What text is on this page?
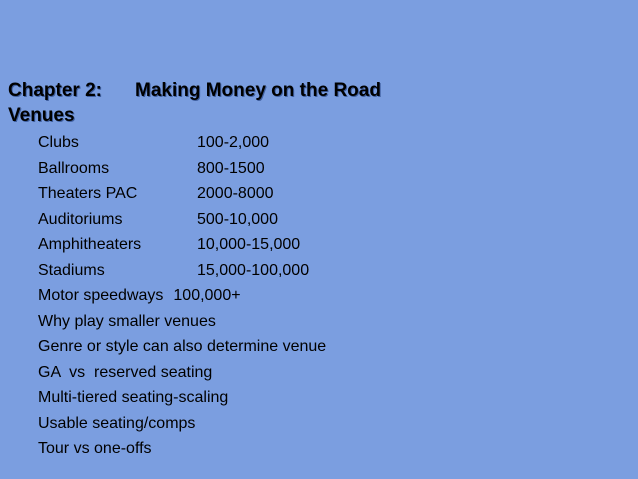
Chapter 2: Making Money on the Road
Venues
Clubs	100-2,000
Ballrooms	800-1500
Theaters PAC	2000-8000
Auditoriums	500-10,000
Amphitheaters	10,000-15,000
Stadiums	15,000-100,000
Motor speedways 100,000+
Why play smaller venues
Genre or style can also determine venue
GA  vs  reserved seating
Multi-tiered seating-scaling
Usable seating/comps
Tour vs one-offs
